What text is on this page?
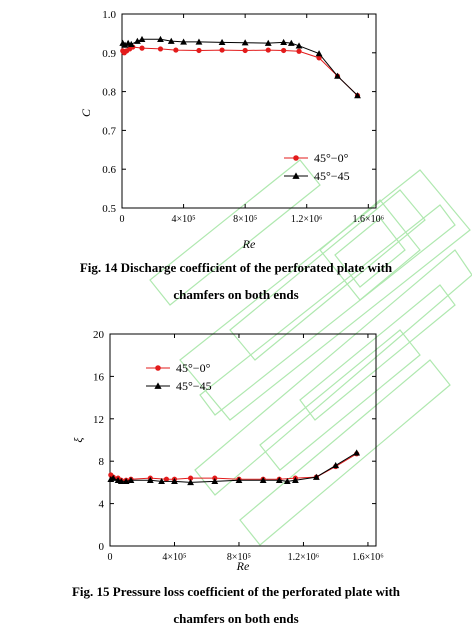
0	4×10⁵	8×10⁵	1.2×10⁶	1.6×10⁶
0.5
0.6
0.7
0.8
0.9
1.0
Re
C
45°−0°
45°−45
Fig. 14 Discharge coefficient of the perforated plate with
chamfers on both ends
0	4×10⁵	8×10⁵	1.2×10⁶	1.6×10⁶
0
4
8
12
16
20
Re
ξ
45°−0°
45°−45
Fig. 15 Pressure loss coefficient of the perforated plate with
chamfers on both ends
